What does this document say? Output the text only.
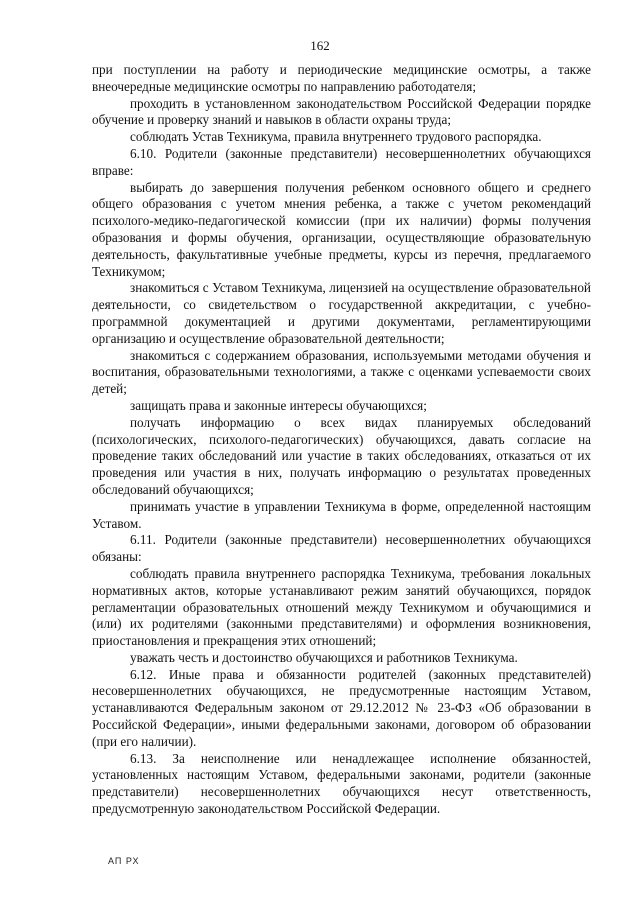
162

при поступлении на работу и периодические медицинские осмотры, а также внеочередные медицинские осмотры по направлению работодателя;

проходить в установленном законодательством Российской Федерации порядке обучение и проверку знаний и навыков в области охраны труда;

соблюдать Устав Техникума, правила внутреннего трудового распорядка.

6.10. Родители (законные представители) несовершеннолетних обучающихся вправе:

выбирать до завершения получения ребенком основного общего и среднего общего образования с учетом мнения ребенка, а также с учетом рекомендаций психолого-медико-педагогической комиссии (при их наличии) формы получения образования и формы обучения, организации, осуществляющие образовательную деятельность, факультативные учебные предметы, курсы из перечня, предлагаемого Техникумом;

знакомиться с Уставом Техникума, лицензией на осуществление образовательной деятельности, со свидетельством о государственной аккредитации, с учебно-программной документацией и другими документами, регламентирующими организацию и осуществление образовательной деятельности;

знакомиться с содержанием образования, используемыми методами обучения и воспитания, образовательными технологиями, а также с оценками успеваемости своих детей;

защищать права и законные интересы обучающихся;

получать информацию о всех видах планируемых обследований (психологических, психолого-педагогических) обучающихся, давать согласие на проведение таких обследований или участие в таких обследованиях, отказаться от их проведения или участия в них, получать информацию о результатах проведенных обследований обучающихся;

принимать участие в управлении Техникума в форме, определенной настоящим Уставом.

6.11. Родители (законные представители) несовершеннолетних обучающихся обязаны:

соблюдать правила внутреннего распорядка Техникума, требования локальных нормативных актов, которые устанавливают режим занятий обучающихся, порядок регламентации образовательных отношений между Техникумом и обучающимися и (или) их родителями (законными представителями) и оформления возникновения, приостановления и прекращения этих отношений;

уважать честь и достоинство обучающихся и работников Техникума.

6.12. Иные права и обязанности родителей (законных представителей) несовершеннолетних обучающихся, не предусмотренные настоящим Уставом, устанавливаются Федеральным законом от 29.12.2012 № 23-ФЗ «Об образовании в Российской Федерации», иными федеральными законами, договором об образовании (при его наличии).

6.13. За неисполнение или ненадлежащее исполнение обязанностей, установленных настоящим Уставом, федеральными законами, родители (законные представители) несовершеннолетних обучающихся несут ответственность, предусмотренную законодательством Российской Федерации.

АП РХ
